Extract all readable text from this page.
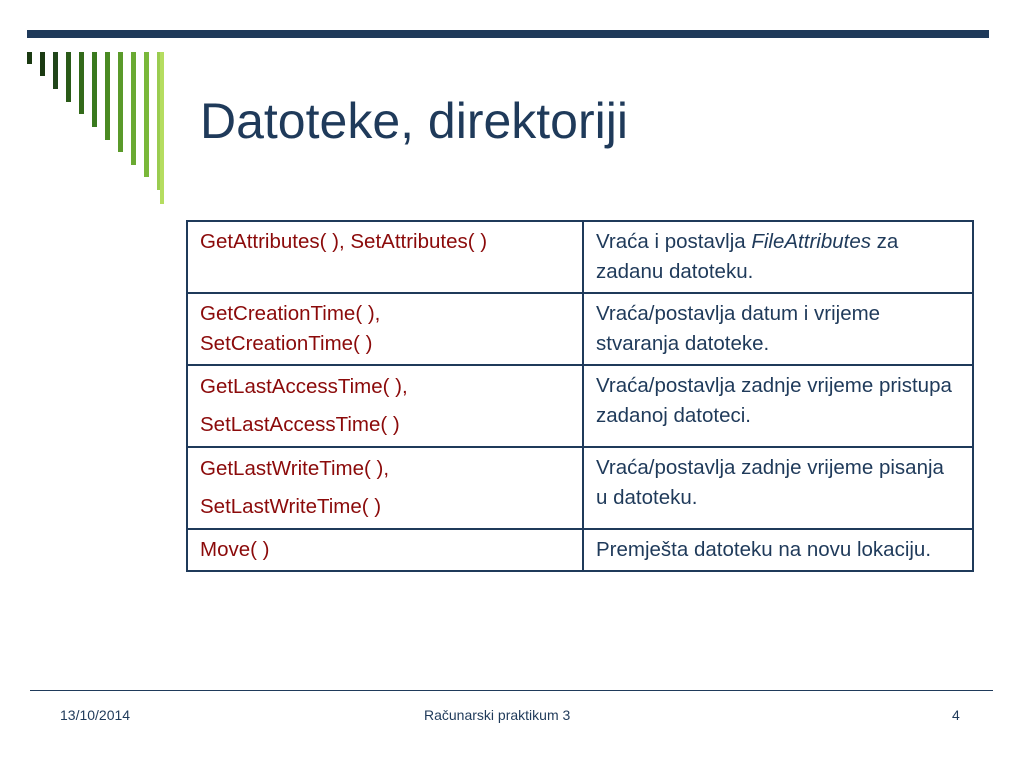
Datoteke, direktoriji
GetAttributes( ), SetAttributes( )	Vraća i postavlja FileAttributes za zadanu datoteku.

GetCreationTime( ),
SetCreationTime( )	Vraća/postavlja datum i vrijeme stvaranja datoteke.

GetLastAccessTime( ),
SetLastAccessTime( )	Vraća/postavlja zadnje vrijeme pristupa zadanoj datoteci.

GetLastWriteTime( ),
SetLastWriteTime( )	Vraća/postavlja zadnje vrijeme pisanja u datoteku.

Move( )	Premješta datoteku na novu lokaciju.
13/10/2014	Računarski praktikum 3	4
